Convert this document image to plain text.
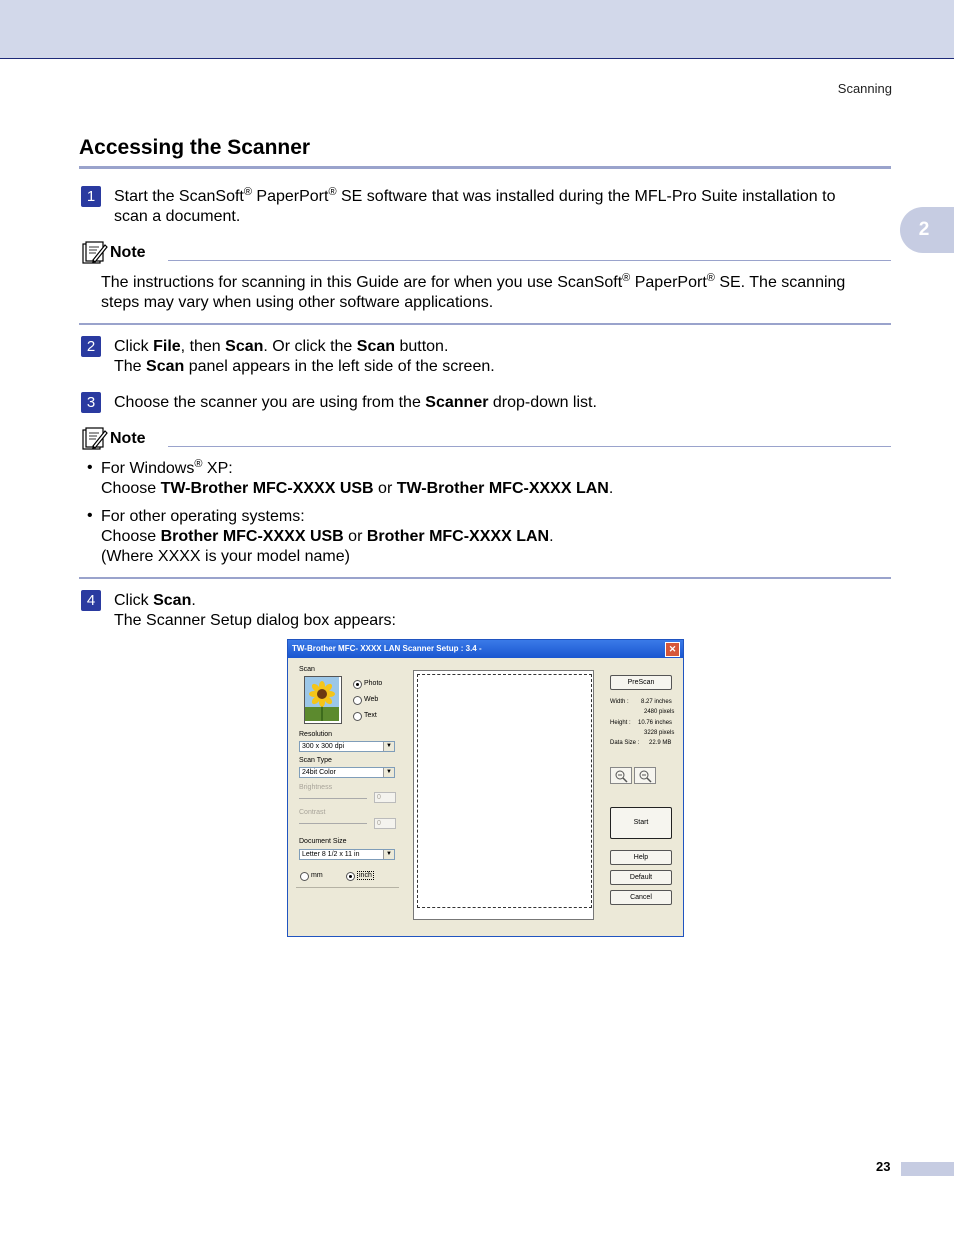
Scanning
2
Accessing the Scanner
1	Start the ScanSoft® PaperPort® SE software that was installed during the MFL-Pro Suite installation to
scan a document.
Note
The instructions for scanning in this Guide are for when you use ScanSoft® PaperPort® SE. The scanning
steps may vary when using other software applications.
2	Click File, then Scan. Or click the Scan button.
The Scan panel appears in the left side of the screen.
3	Choose the scanner you are using from the Scanner drop-down list.
Note
• For Windows® XP:
Choose TW-Brother MFC-XXXX USB or TW-Brother MFC-XXXX LAN.
• For other operating systems:
Choose Brother MFC-XXXX USB or Brother MFC-XXXX LAN.
(Where XXXX is your model name)
4	Click Scan.
The Scanner Setup dialog box appears:
TW-Brother MFC- XXXX LAN Scanner Setup : 3.4 -	✕
Scan
Photo
Web
Text
Resolution
300 x 300 dpi	▼
Scan Type
24bit Color	▼
Brightness
0
Contrast
0
Document Size
Letter 8 1/2 x 11 in	▼
mm	inch
PreScan
Width : 8.27 inches
2480 pixels
Height : 10.76 inches
3228 pixels
Data Size : 22.9 MB
Start
Help
Default
Cancel
23
